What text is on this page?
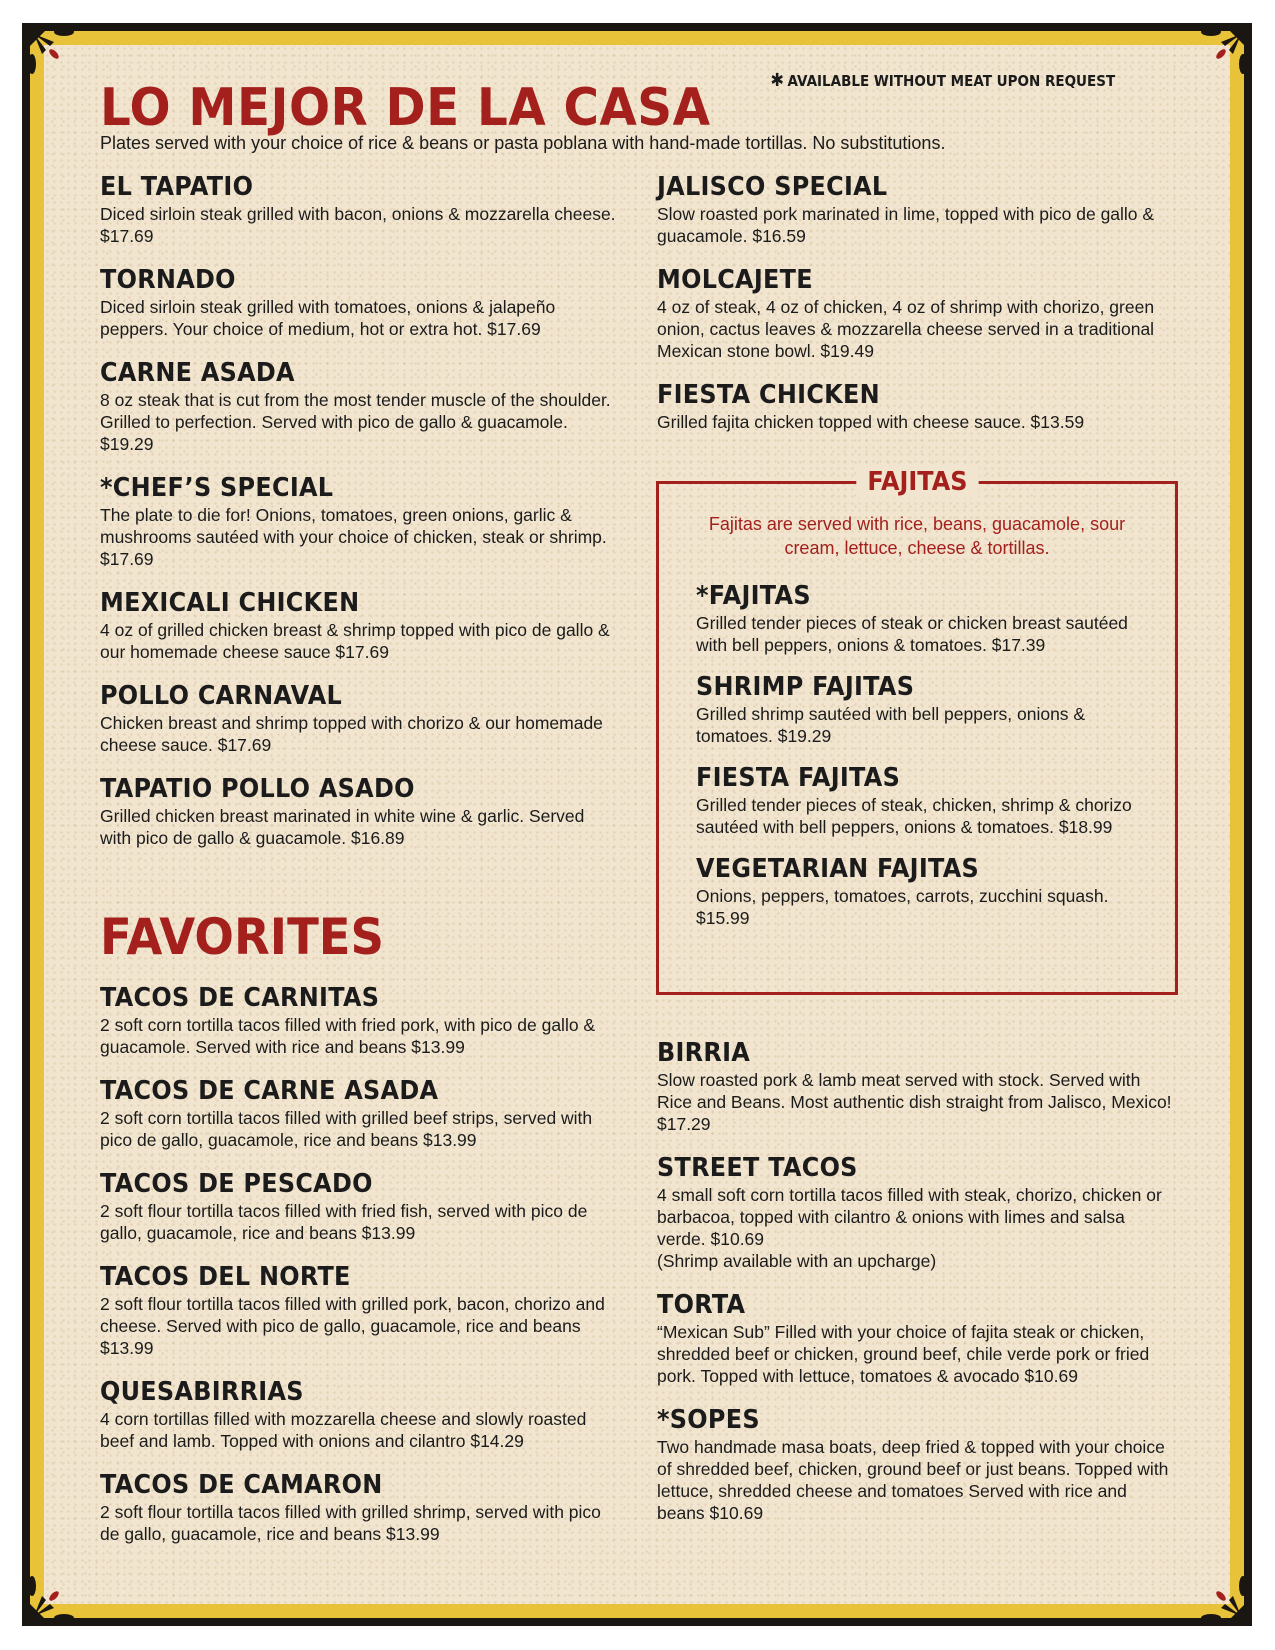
LO MEJOR DE LA CASA	✱ AVAILABLE WITHOUT MEAT UPON REQUEST
Plates served with your choice of rice & beans or pasta poblana with hand-made tortillas. No substitutions.
EL TAPATIO

Diced sirloin steak grilled with bacon, onions & mozzarella cheese. $17.69

TORNADO

Diced sirloin steak grilled with tomatoes, onions & jalapeño peppers. Your choice of medium, hot or extra hot. $17.69

CARNE ASADA

8 oz steak that is cut from the most tender muscle of the shoulder. Grilled to perfection. Served with pico de gallo & guacamole. $19.29

*CHEF’S SPECIAL

The plate to die for! Onions, tomatoes, green onions, garlic & mushrooms sautéed with your choice of chicken, steak or shrimp. $17.69

MEXICALI CHICKEN

4 oz of grilled chicken breast & shrimp topped with pico de gallo & our homemade cheese sauce $17.69

POLLO CARNAVAL

Chicken breast and shrimp topped with chorizo & our homemade cheese sauce. $17.69

TAPATIO POLLO ASADO

Grilled chicken breast marinated in white wine & garlic. Served with pico de gallo & guacamole. $16.89

JALISCO SPECIAL

Slow roasted pork marinated in lime, topped with pico de gallo & guacamole. $16.59

MOLCAJETE

4 oz of steak, 4 oz of chicken, 4 oz of shrimp with chorizo, green onion, cactus leaves & mozzarella cheese served in a traditional Mexican stone bowl. $19.49

FIESTA CHICKEN

Grilled fajita chicken topped with cheese sauce. $13.59

FAJITAS
Fajitas are served with rice, beans, guacamole, sour cream, lettuce, cheese & tortillas.
*FAJITAS

Grilled tender pieces of steak or chicken breast sautéed with bell peppers, onions & tomatoes. $17.39

SHRIMP FAJITAS

Grilled shrimp sautéed with bell peppers, onions & tomatoes. $19.29

FIESTA FAJITAS

Grilled tender pieces of steak, chicken, shrimp & chorizo sautéed with bell peppers, onions & tomatoes. $18.99

VEGETARIAN FAJITAS

Onions, peppers, tomatoes, carrots, zucchini squash. $15.99

FAVORITES
TACOS DE CARNITAS

2 soft corn tortilla tacos filled with fried pork, with pico de gallo & guacamole. Served with rice and beans $13.99

TACOS DE CARNE ASADA

2 soft corn tortilla tacos filled with grilled beef strips, served with pico de gallo, guacamole, rice and beans $13.99

TACOS DE PESCADO

2 soft flour tortilla tacos filled with fried fish, served with pico de gallo, guacamole, rice and beans $13.99

TACOS DEL NORTE

2 soft flour tortilla tacos filled with grilled pork, bacon, chorizo and cheese. Served with pico de gallo, guacamole, rice and beans $13.99

QUESABIRRIAS

4 corn tortillas filled with mozzarella cheese and slowly roasted beef and lamb. Topped with onions and cilantro $14.29

TACOS DE CAMARON

2 soft flour tortilla tacos filled with grilled shrimp, served with pico de gallo, guacamole, rice and beans $13.99

BIRRIA

Slow roasted pork & lamb meat served with stock. Served with Rice and Beans. Most authentic dish straight from Jalisco, Mexico! $17.29

STREET TACOS

4 small soft corn tortilla tacos filled with steak, chorizo, chicken or barbacoa, topped with cilantro & onions with limes and salsa verde. $10.69

(Shrimp available with an upcharge)

TORTA

“Mexican Sub” Filled with your choice of fajita steak or chicken, shredded beef or chicken, ground beef, chile verde pork or fried pork. Topped with lettuce, tomatoes & avocado $10.69

*SOPES

Two handmade masa boats, deep fried & topped with your choice of shredded beef, chicken, ground beef or just beans. Topped with lettuce, shredded cheese and tomatoes Served with rice and beans $10.69
